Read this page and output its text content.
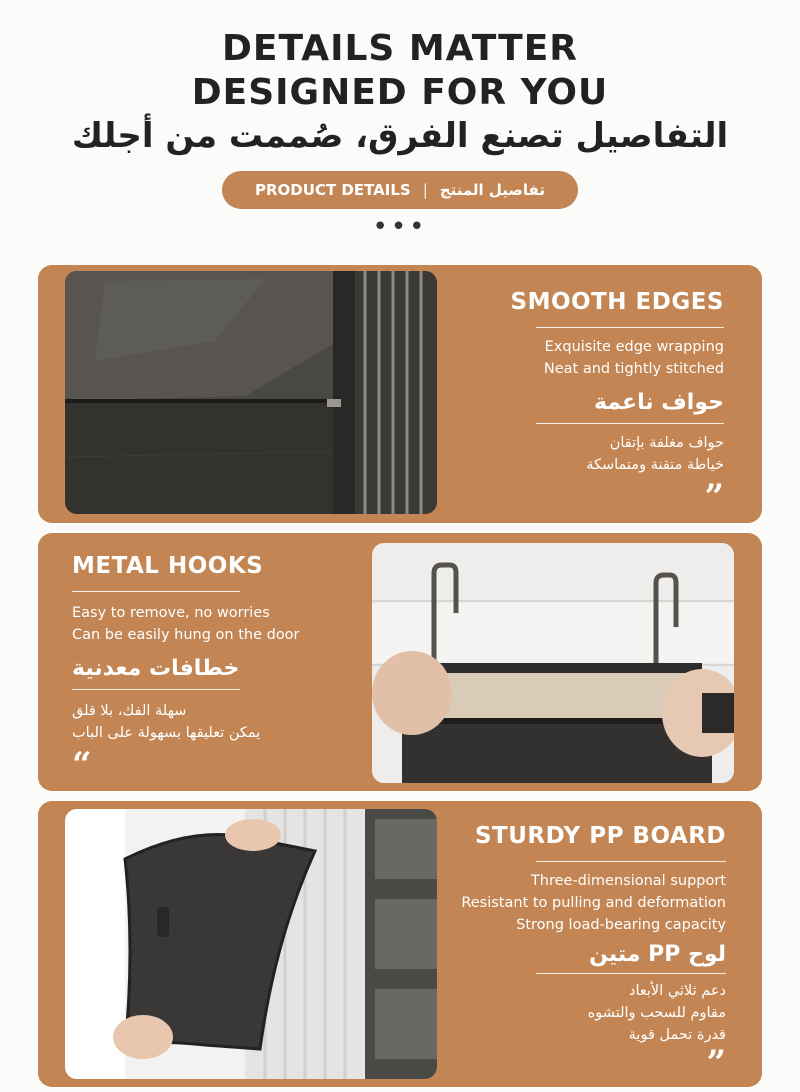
DETAILS MATTER
DESIGNED FOR YOU
التفاصيل تصنع الفرق، صُممت من أجلك
PRODUCT DETAILS | تفاصيل المنتج
•••
SMOOTH EDGES
Exquisite edge wrapping
Neat and tightly stitched
حواف ناعمة
حواف مغلفة بإتقان
خياطة متقنة ومتماسكة
”
METAL HOOKS
Easy to remove, no worries
Can be easily hung on the door
خطافات معدنية
سهلة الفك، بلا قلق
يمكن تعليقها بسهولة على الباب
“
STURDY PP BOARD
Three-dimensional support
Resistant to pulling and deformation
Strong load-bearing capacity
لوح PP متين
دعم ثلاثي الأبعاد
مقاوم للسحب والتشوه
قدرة تحمل قوية
”
